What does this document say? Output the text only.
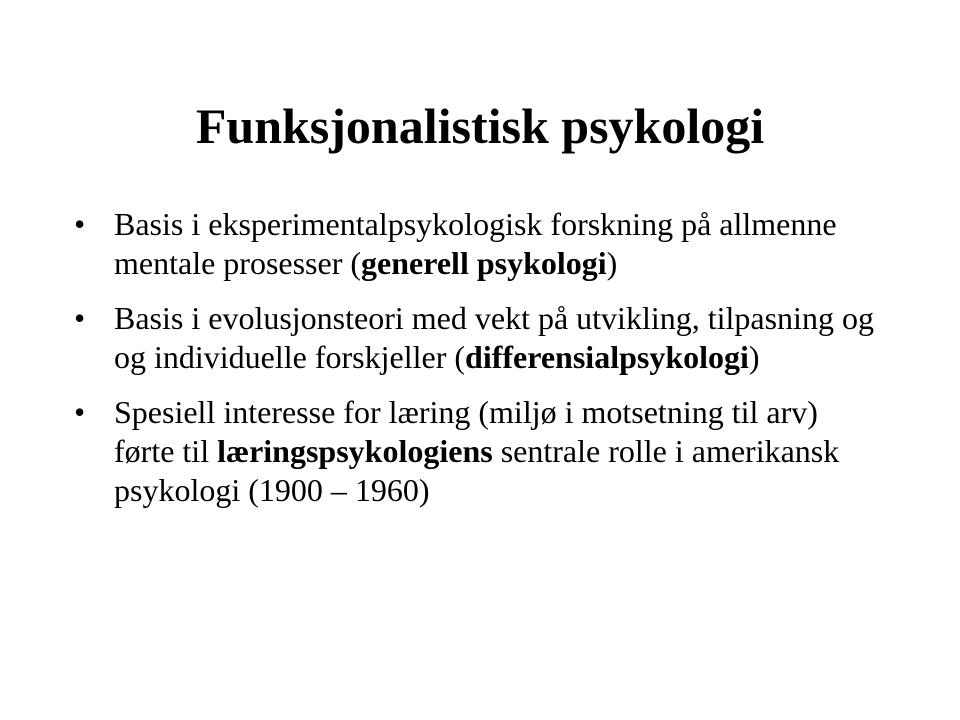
Funksjonalistisk psykologi
• Basis i eksperimentalpsykologisk forskning på allmenne mentale prosesser (generell psykologi)
• Basis i evolusjonsteori med vekt på utvikling, tilpasning og og individuelle forskjeller (differensialpsykologi)
• Spesiell interesse for læring (miljø i motsetning til arv) førte til læringspsykologiens sentrale rolle i amerikansk psykologi (1900 – 1960)
